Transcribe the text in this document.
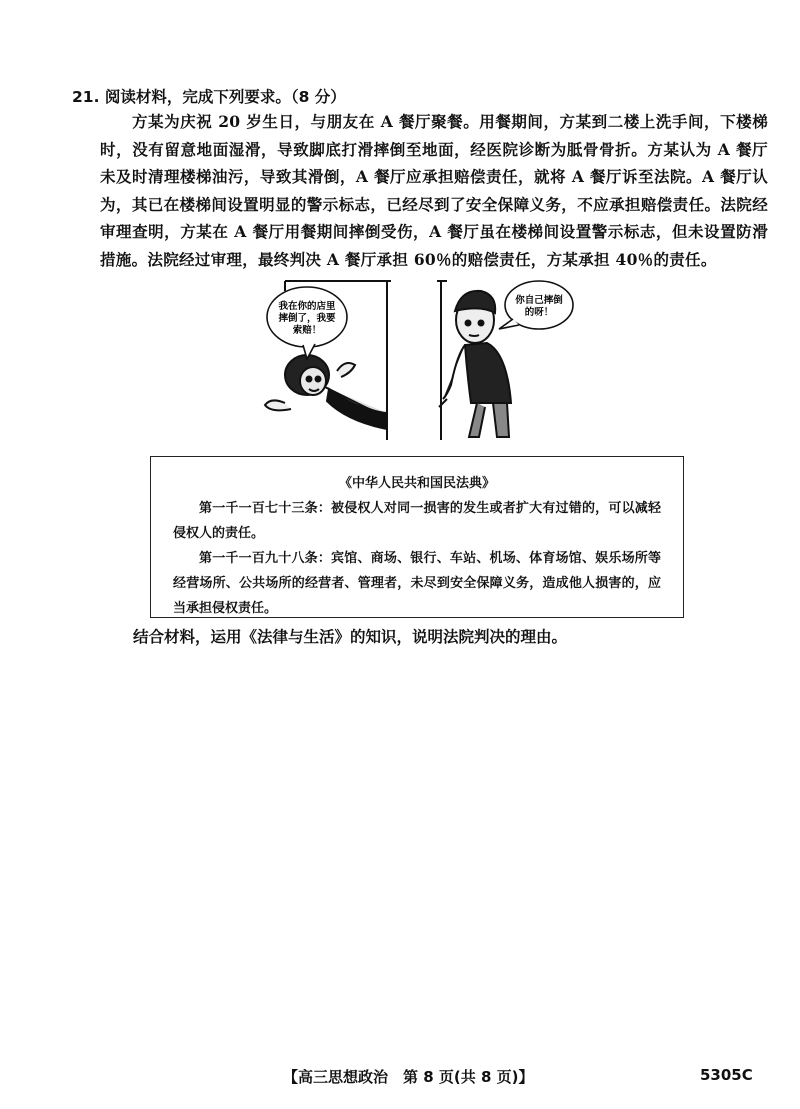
21. 阅读材料，完成下列要求。（8 分）
方某为庆祝 20 岁生日，与朋友在 A 餐厅聚餐。用餐期间，方某到二楼上洗手间，下楼梯时，没有留意地面湿滑，导致脚底打滑摔倒至地面，经医院诊断为胝骨骨折。方某认为 A 餐厅未及时清理楼梯油污，导致其滑倒，A 餐厅应承担赔偿责任，就将 A 餐厅诉至法院。A 餐厅认为，其已在楼梯间设置明显的警示标志，已经尽到了安全保障义务，不应承担赔偿责任。法院经审理查明，方某在 A 餐厅用餐期间摔倒受伤，A 餐厅虽在楼梯间设置警示标志，但未设置防滑措施。法院经过审理，最终判决 A 餐厅承担 60％的赔偿责任，方某承担 40％的责任。
我在你的店里
摔倒了，我要
索赔！
你自己摔倒
的呀！
《中华人民共和国民法典》

第一千一百七十三条：被侵权人对同一损害的发生或者扩大有过错的，可以减轻侵权人的责任。

第一千一百九十八条：宾馆、商场、银行、车站、机场、体育场馆、娱乐场所等经营场所、公共场所的经营者、管理者，未尽到安全保障义务，造成他人损害的，应当承担侵权责任。

结合材料，运用《法律与生活》的知识，说明法院判决的理由。
【高三思想政治　第 8 页(共 8 页)】	5305C
